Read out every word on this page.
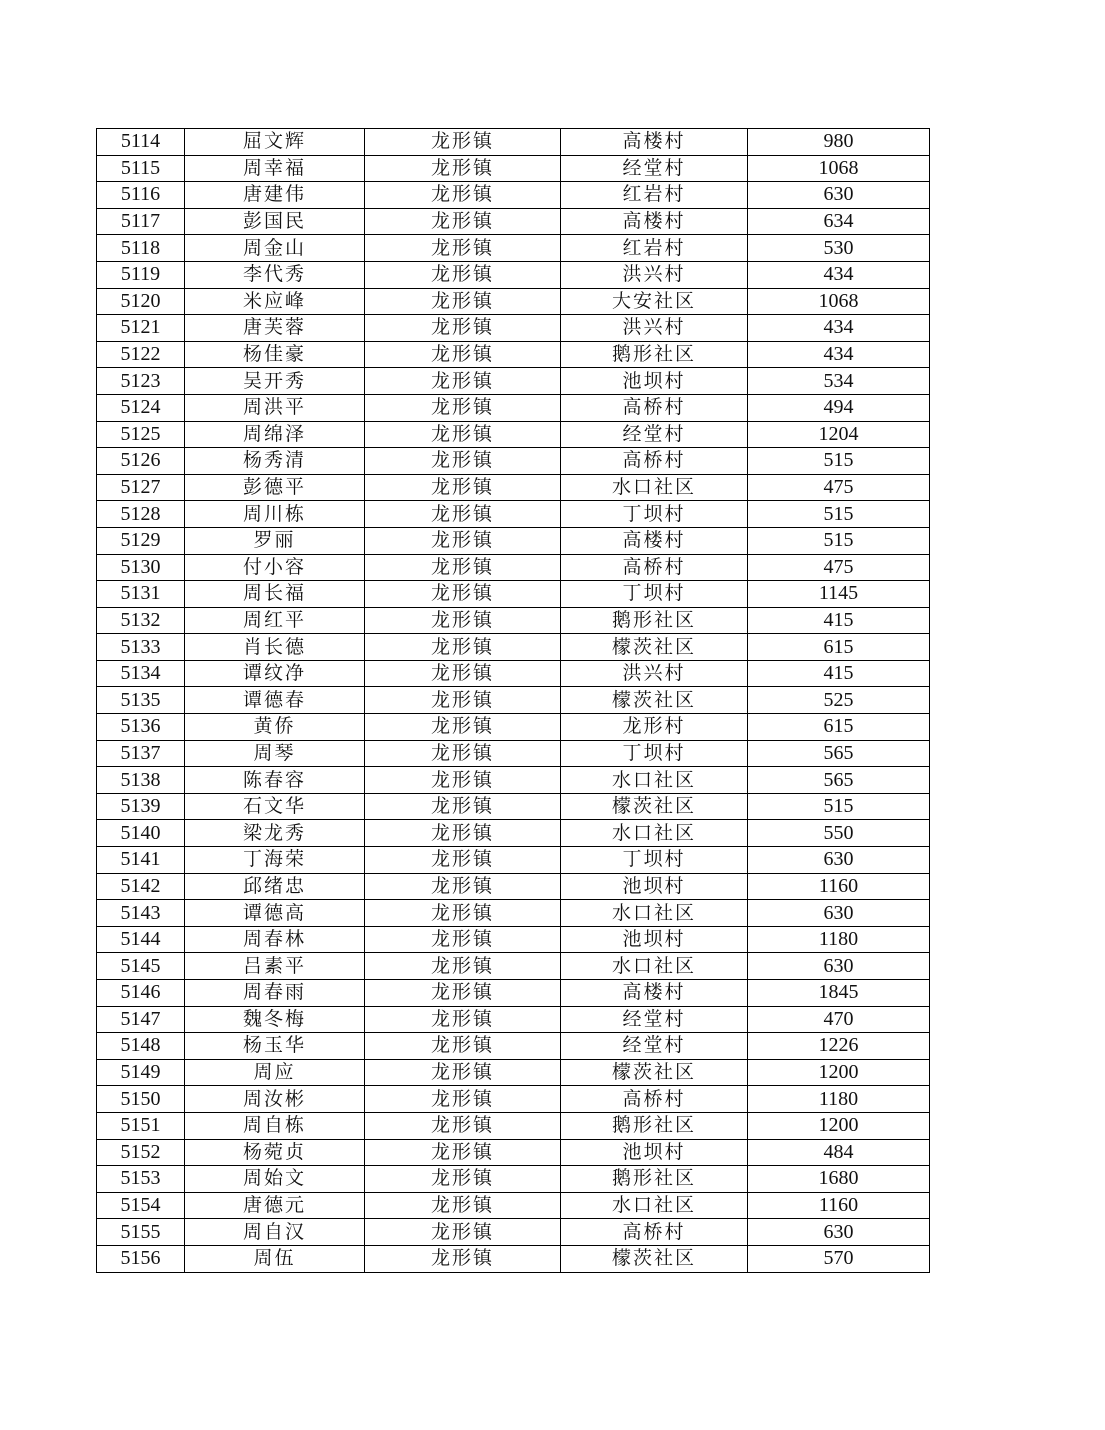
5114	屈文辉	龙形镇	高楼村	980
5115	周幸福	龙形镇	经堂村	1068
5116	唐建伟	龙形镇	红岩村	630
5117	彭国民	龙形镇	高楼村	634
5118	周金山	龙形镇	红岩村	530
5119	李代秀	龙形镇	洪兴村	434
5120	米应峰	龙形镇	大安社区	1068
5121	唐芙蓉	龙形镇	洪兴村	434
5122	杨佳豪	龙形镇	鹅形社区	434
5123	吴开秀	龙形镇	池坝村	534
5124	周洪平	龙形镇	高桥村	494
5125	周绵泽	龙形镇	经堂村	1204
5126	杨秀清	龙形镇	高桥村	515
5127	彭德平	龙形镇	水口社区	475
5128	周川栋	龙形镇	丁坝村	515
5129	罗丽	龙形镇	高楼村	515
5130	付小容	龙形镇	高桥村	475
5131	周长福	龙形镇	丁坝村	1145
5132	周红平	龙形镇	鹅形社区	415
5133	肖长德	龙形镇	檬茨社区	615
5134	谭纹净	龙形镇	洪兴村	415
5135	谭德春	龙形镇	檬茨社区	525
5136	黄侨	龙形镇	龙形村	615
5137	周琴	龙形镇	丁坝村	565
5138	陈春容	龙形镇	水口社区	565
5139	石文华	龙形镇	檬茨社区	515
5140	梁龙秀	龙形镇	水口社区	550
5141	丁海荣	龙形镇	丁坝村	630
5142	邱绪忠	龙形镇	池坝村	1160
5143	谭德高	龙形镇	水口社区	630
5144	周春林	龙形镇	池坝村	1180
5145	吕素平	龙形镇	水口社区	630
5146	周春雨	龙形镇	高楼村	1845
5147	魏冬梅	龙形镇	经堂村	470
5148	杨玉华	龙形镇	经堂村	1226
5149	周应	龙形镇	檬茨社区	1200
5150	周汝彬	龙形镇	高桥村	1180
5151	周自栋	龙形镇	鹅形社区	1200
5152	杨菀贞	龙形镇	池坝村	484
5153	周始文	龙形镇	鹅形社区	1680
5154	唐德元	龙形镇	水口社区	1160
5155	周自汉	龙形镇	高桥村	630
5156	周伍	龙形镇	檬茨社区	570
